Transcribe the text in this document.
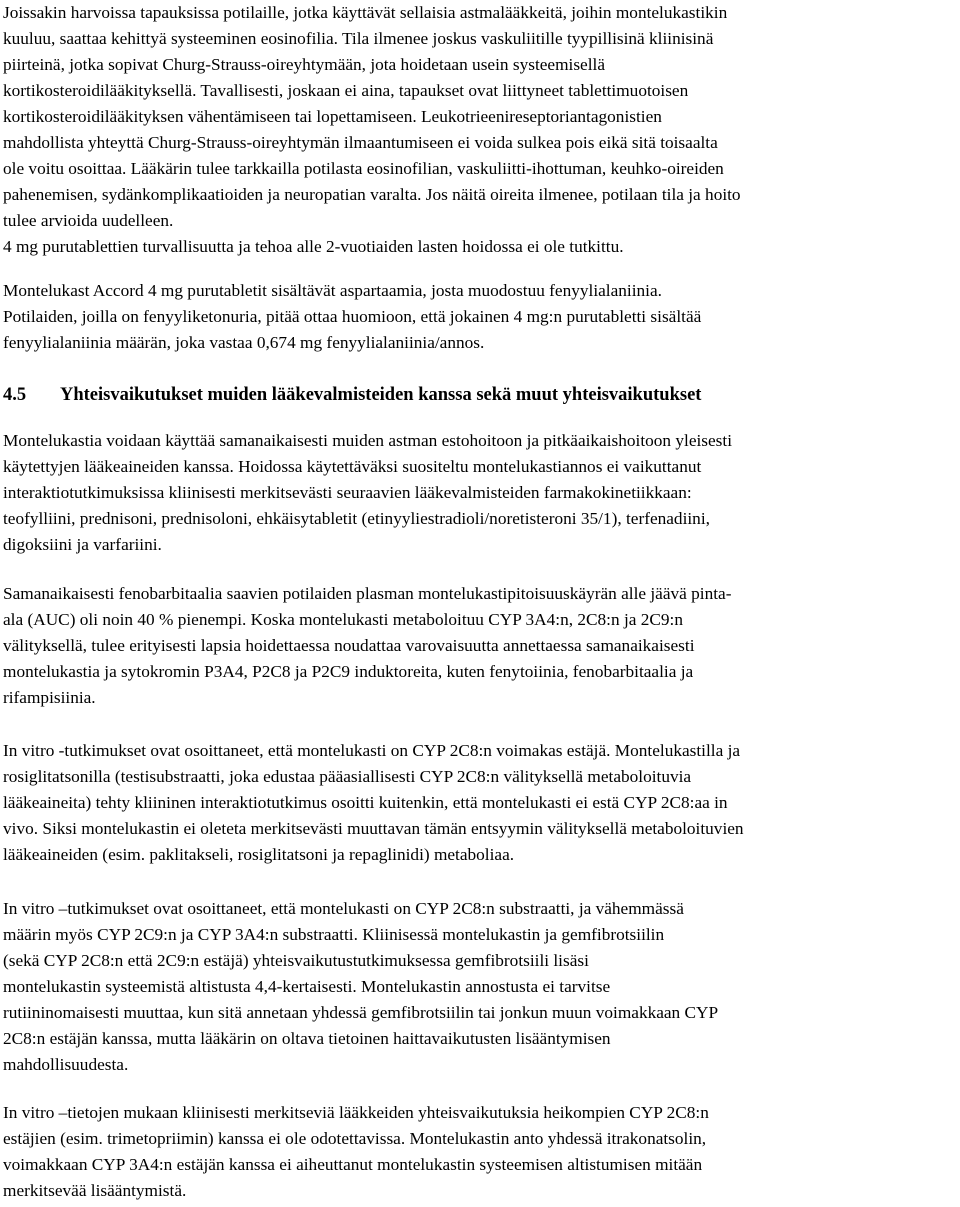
Joissakin harvoissa tapauksissa potilaille, jotka käyttävät sellaisia astmalääkkeitä, joihin montelukastikin
kuuluu, saattaa kehittyä systeeminen eosinofilia. Tila ilmenee joskus vaskuliitille tyypillisinä kliinisinä
piirteinä, jotka sopivat Churg-Strauss-oireyhtymään, jota hoidetaan usein systeemisellä
kortikosteroidilääkityksellä. Tavallisesti, joskaan ei aina, tapaukset ovat liittyneet tablettimuotoisen
kortikosteroidilääkityksen vähentämiseen tai lopettamiseen. Leukotrieenireseptoriantagonistien
mahdollista yhteyttä Churg-Strauss-oireyhtymän ilmaantumiseen ei voida sulkea pois eikä sitä toisaalta
ole voitu osoittaa. Lääkärin tulee tarkkailla potilasta eosinofilian, vaskuliitti-ihottuman, keuhko-oireiden
pahenemisen, sydänkomplikaatioiden ja neuropatian varalta. Jos näitä oireita ilmenee, potilaan tila ja hoito
tulee arvioida uudelleen.
4 mg purutablettien turvallisuutta ja tehoa alle 2-vuotiaiden lasten hoidossa ei ole tutkittu.
Montelukast Accord 4 mg purutabletit sisältävät aspartaamia, josta muodostuu fenyylialaniinia.
Potilaiden, joilla on fenyyliketonuria, pitää ottaa huomioon, että jokainen 4 mg:n purutabletti sisältää
fenyylialaniinia määrän, joka vastaa 0,674 mg fenyylialaniinia/annos.
4.5 Yhteisvaikutukset muiden lääkevalmisteiden kanssa sekä muut yhteisvaikutukset
Montelukastia voidaan käyttää samanaikaisesti muiden astman estohoitoon ja pitkäaikaishoitoon yleisesti
käytettyjen lääkeaineiden kanssa. Hoidossa käytettäväksi suositeltu montelukastiannos ei vaikuttanut
interaktiotutkimuksissa kliinisesti merkitsevästi seuraavien lääkevalmisteiden farmakokinetiikkaan:
teofylliini, prednisoni, prednisoloni, ehkäisytabletit (etinyyliestradioli/noretisteroni 35/1), terfenadiini,
digoksiini ja varfariini.
Samanaikaisesti fenobarbitaalia saavien potilaiden plasman montelukastipitoisuuskäyrän alle jäävä pinta-
ala (AUC) oli noin 40 % pienempi. Koska montelukasti metaboloituu CYP 3A4:n, 2C8:n ja 2C9:n
välityksellä, tulee erityisesti lapsia hoidettaessa noudattaa varovaisuutta annettaessa samanaikaisesti
montelukastia ja sytokromin P3A4, P2C8 ja P2C9 induktoreita, kuten fenytoiinia, fenobarbitaalia ja
rifampisiinia.
In vitro -tutkimukset ovat osoittaneet, että montelukasti on CYP 2C8:n voimakas estäjä. Montelukastilla ja
rosiglitatsonilla (testisubstraatti, joka edustaa pääasiallisesti CYP 2C8:n välityksellä metaboloituvia
lääkeaineita) tehty kliininen interaktiotutkimus osoitti kuitenkin, että montelukasti ei estä CYP 2C8:aa in
vivo. Siksi montelukastin ei oleteta merkitsevästi muuttavan tämän entsyymin välityksellä metaboloituvien
lääkeaineiden (esim. paklitakseli, rosiglitatsoni ja repaglinidi) metaboliaa.
In vitro –tutkimukset ovat osoittaneet, että montelukasti on CYP 2C8:n substraatti, ja vähemmässä
määrin myös CYP 2C9:n ja CYP 3A4:n substraatti. Kliinisessä montelukastin ja gemfibrotsiilin
(sekä CYP 2C8:n että 2C9:n estäjä) yhteisvaikutustutkimuksessa gemfibrotsiili lisäsi
montelukastin systeemistä altistusta 4,4-kertaisesti. Montelukastin annostusta ei tarvitse
rutiininomaisesti muuttaa, kun sitä annetaan yhdessä gemfibrotsiilin tai jonkun muun voimakkaan CYP
2C8:n estäjän kanssa, mutta lääkärin on oltava tietoinen haittavaikutusten lisääntymisen
mahdollisuudesta.
In vitro –tietojen mukaan kliinisesti merkitseviä lääkkeiden yhteisvaikutuksia heikompien CYP 2C8:n
estäjien (esim. trimetopriimin) kanssa ei ole odotettavissa. Montelukastin anto yhdessä itrakonatsolin,
voimakkaan CYP 3A4:n estäjän kanssa ei aiheuttanut montelukastin systeemisen altistumisen mitään
merkitsevää lisääntymistä.
